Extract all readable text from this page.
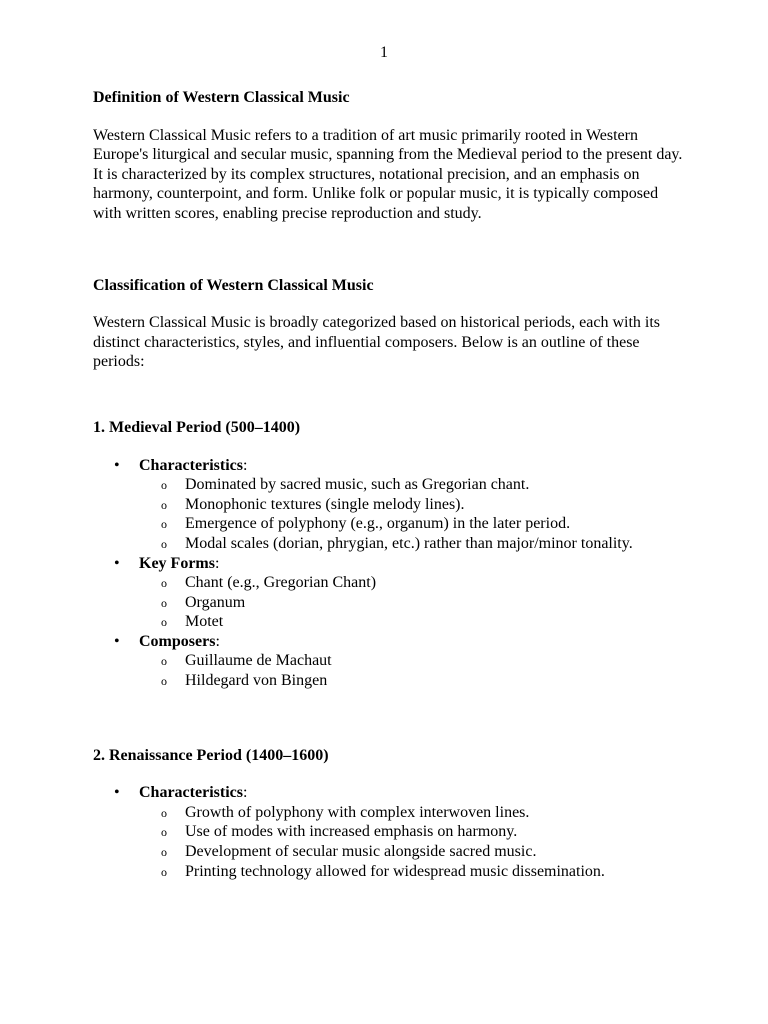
1
Definition of Western Classical Music

Western Classical Music refers to a tradition of art music primarily rooted in Western Europe's liturgical and secular music, spanning from the Medieval period to the present day. It is characterized by its complex structures, notational precision, and an emphasis on harmony, counterpoint, and form. Unlike folk or popular music, it is typically composed with written scores, enabling precise reproduction and study.

Classification of Western Classical Music

Western Classical Music is broadly categorized based on historical periods, each with its distinct characteristics, styles, and influential composers. Below is an outline of these periods:

1. Medieval Period (500–1400)
• Characteristics:
o Dominated by sacred music, such as Gregorian chant.
o Monophonic textures (single melody lines).
o Emergence of polyphony (e.g., organum) in the later period.
o Modal scales (dorian, phrygian, etc.) rather than major/minor tonality.
• Key Forms:
o Chant (e.g., Gregorian Chant)
o Organum
o Motet
• Composers:
o Guillaume de Machaut
o Hildegard von Bingen
2. Renaissance Period (1400–1600)
• Characteristics:
o Growth of polyphony with complex interwoven lines.
o Use of modes with increased emphasis on harmony.
o Development of secular music alongside sacred music.
o Printing technology allowed for widespread music dissemination.
